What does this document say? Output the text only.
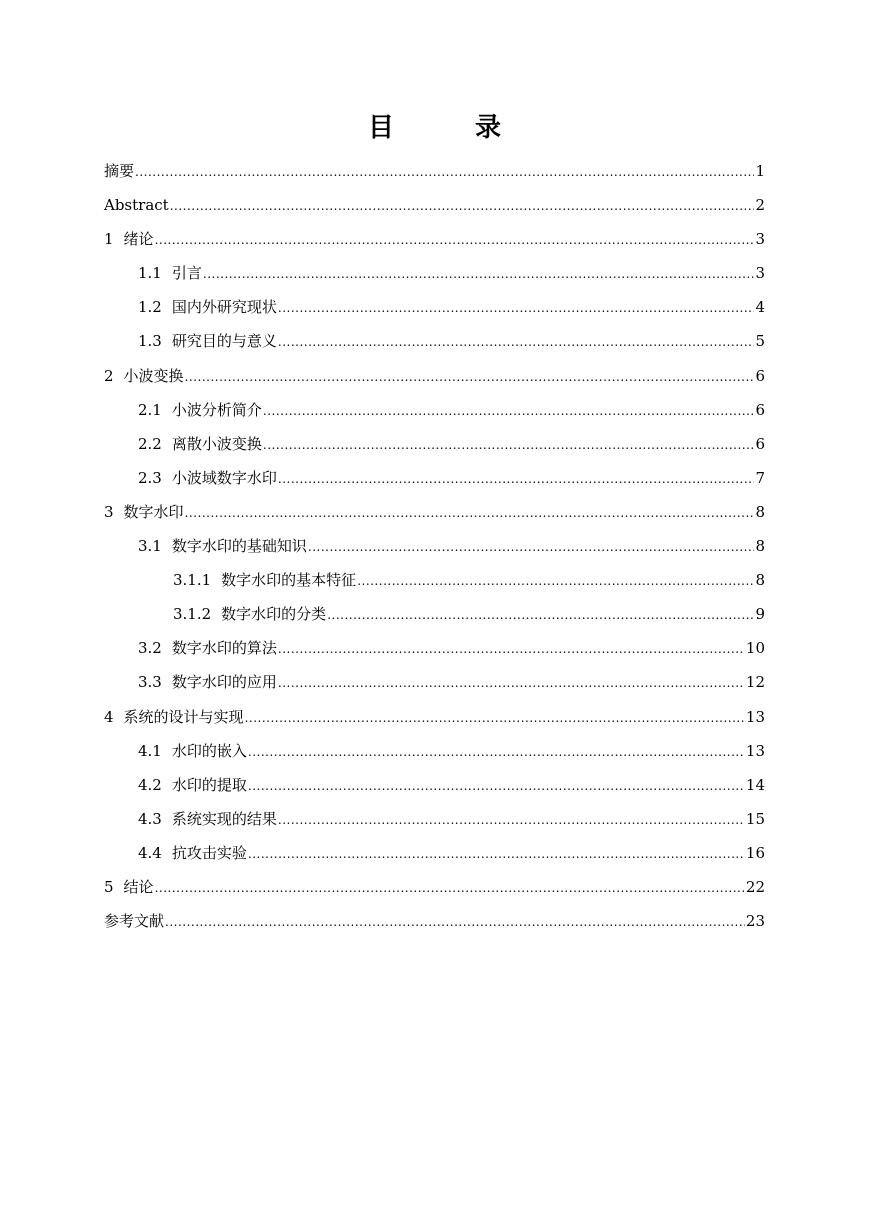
目 录
摘要 .....	1
Abstract .....	2
1 绪论 .....	3
1.1 引言 .....	3
1.2 国内外研究现状 .....	4
1.3 研究目的与意义 .....	5
2 小波变换 .....	6
2.1 小波分析简介 .....	6
2.2 离散小波变换 .....	6
2.3 小波域数字水印 .....	7
3 数字水印 .....	8
3.1 数字水印的基础知识 .....	8
3.1.1 数字水印的基本特征 .....	8
3.1.2 数字水印的分类 .....	9
3.2 数字水印的算法 .....	10
3.3 数字水印的应用 .....	12
4 系统的设计与实现 .....	13
4.1 水印的嵌入 .....	13
4.2 水印的提取 .....	14
4.3 系统实现的结果 .....	15
4.4 抗攻击实验 .....	16
5 结论 .....	22
参考文献 .....	23
